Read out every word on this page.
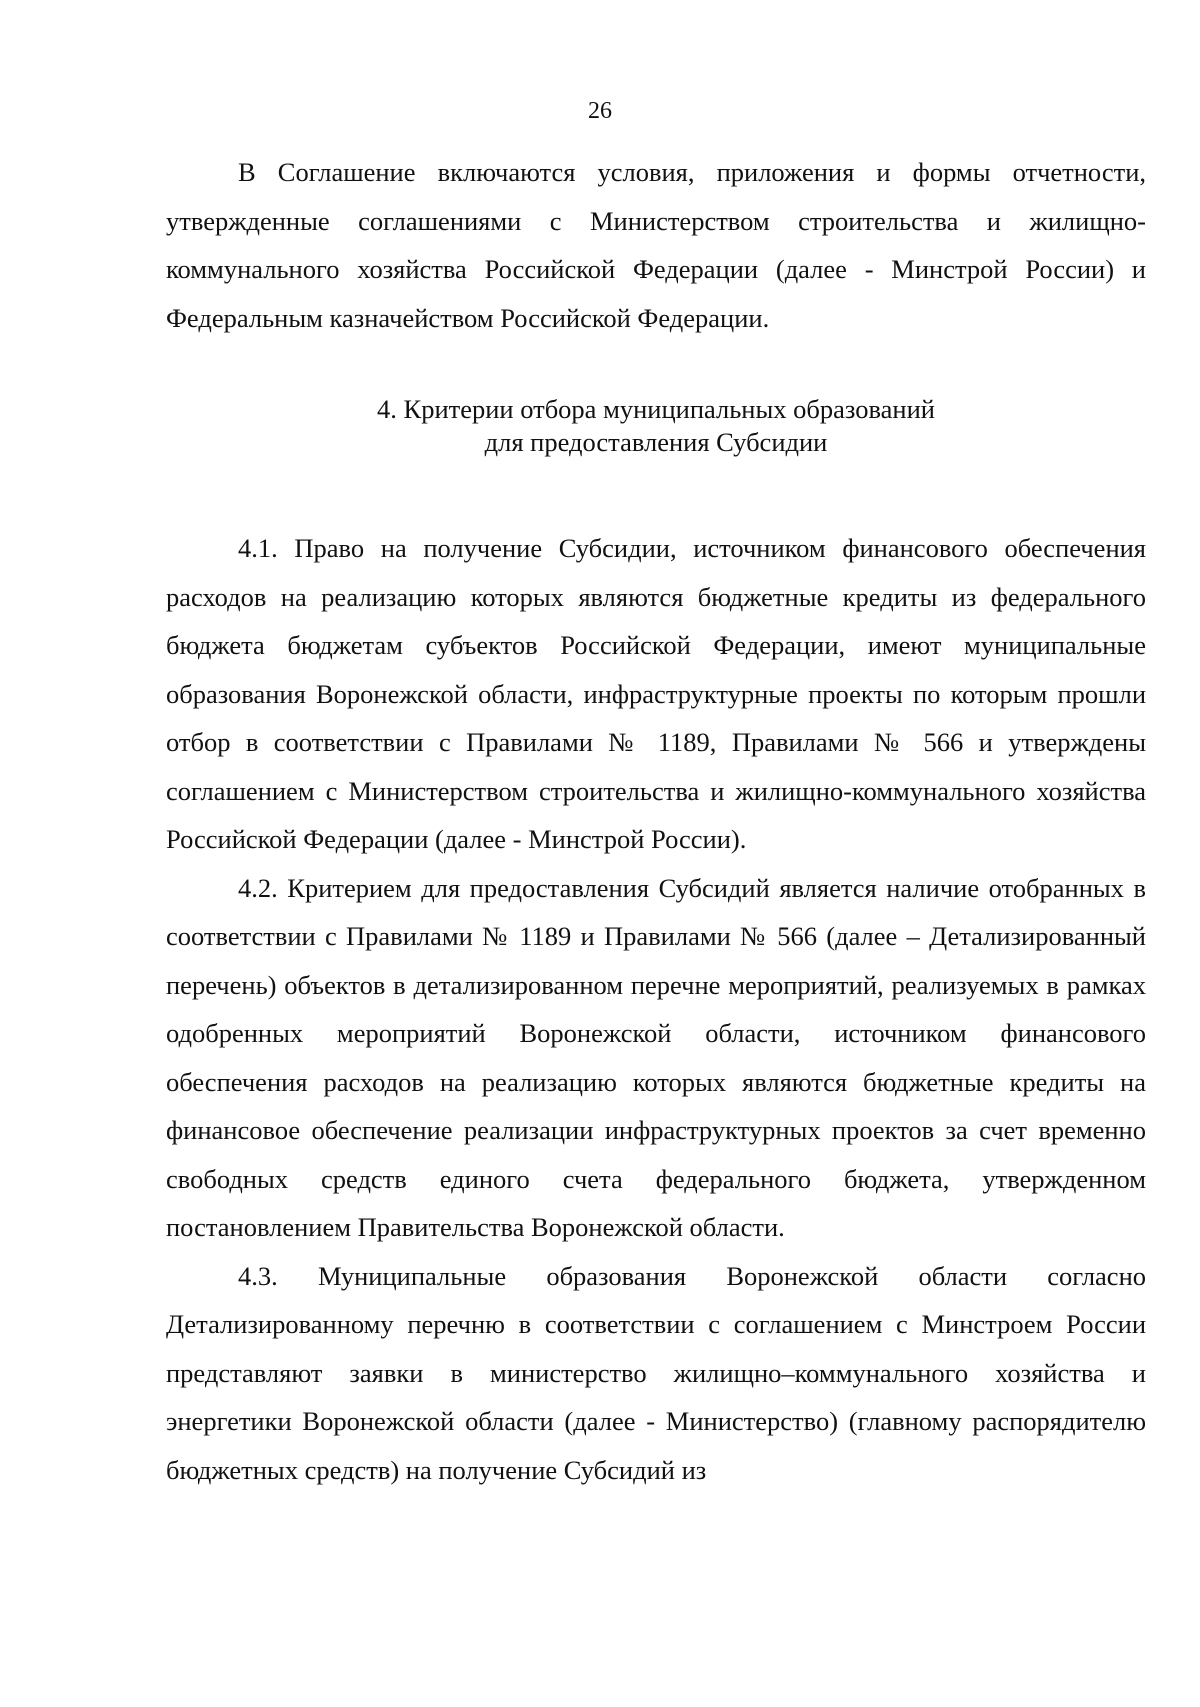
26

В Соглашение включаются условия, приложения и формы отчетности, утвержденные соглашениями с Министерством строительства и жилищно-коммунального хозяйства Российской Федерации (далее - Минстрой России) и Федеральным казначейством Российской Федерации.

4. Критерии отбора муниципальных образований
для предоставления Субсидии

4.1. Право на получение Субсидии, источником финансового обеспечения расходов на реализацию которых являются бюджетные кредиты из федерального бюджета бюджетам субъектов Российской Федерации, имеют муниципальные образования Воронежской области, инфраструктурные проекты по которым прошли отбор в соответствии с Правилами № 1189, Правилами № 566 и утверждены соглашением с Министерством строительства и жилищно-коммунального хозяйства Российской Федерации (далее - Минстрой России).

4.2. Критерием для предоставления Субсидий является наличие отобранных в соответствии с Правилами № 1189 и Правилами № 566 (далее – Детализированный перечень) объектов в детализированном перечне мероприятий, реализуемых в рамках одобренных мероприятий Воронежской области, источником финансового обеспечения расходов на реализацию которых являются бюджетные кредиты на финансовое обеспечение реализации инфраструктурных проектов за счет временно свободных средств единого счета федерального бюджета, утвержденном постановлением Правительства Воронежской области.

4.3. Муниципальные образования Воронежской области согласно Детализированному перечню в соответствии с соглашением с Минстроем России представляют заявки в министерство жилищно–коммунального хозяйства и энергетики Воронежской области (далее - Министерство) (главному распорядителю бюджетных средств) на получение Субсидий из
